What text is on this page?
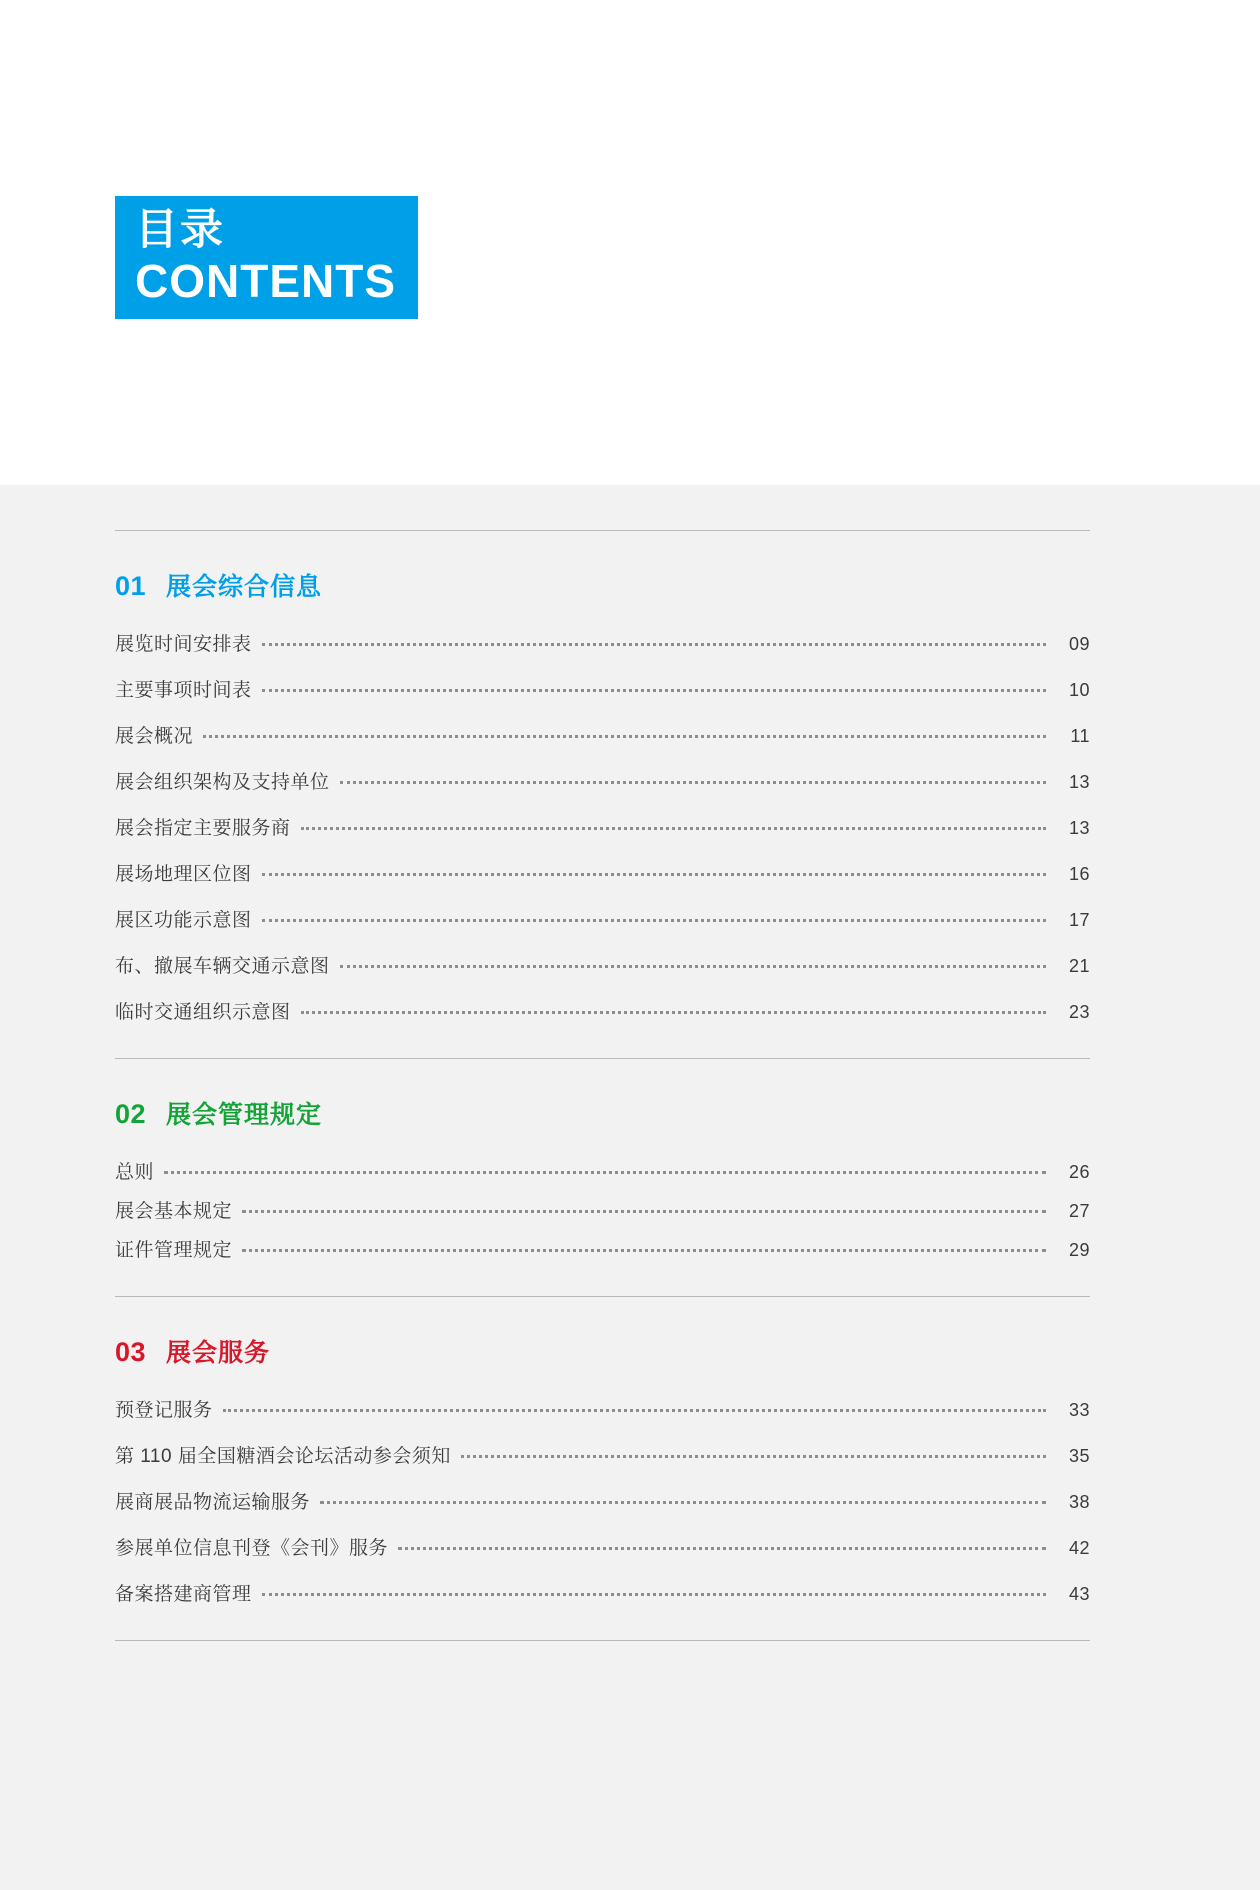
目录
CONTENTS
01 展会综合信息
展览时间安排表	09
主要事项时间表	10
展会概况	11
展会组织架构及支持单位	13
展会指定主要服务商	13
展场地理区位图	16
展区功能示意图	17
布、撤展车辆交通示意图	21
临时交通组织示意图	23
02 展会管理规定
总则	26
展会基本规定	27
证件管理规定	29
03 展会服务
预登记服务	33
第 110 届全国糖酒会论坛活动参会须知	35
展商展品物流运输服务	38
参展单位信息刊登《会刊》服务	42
备案搭建商管理	43
